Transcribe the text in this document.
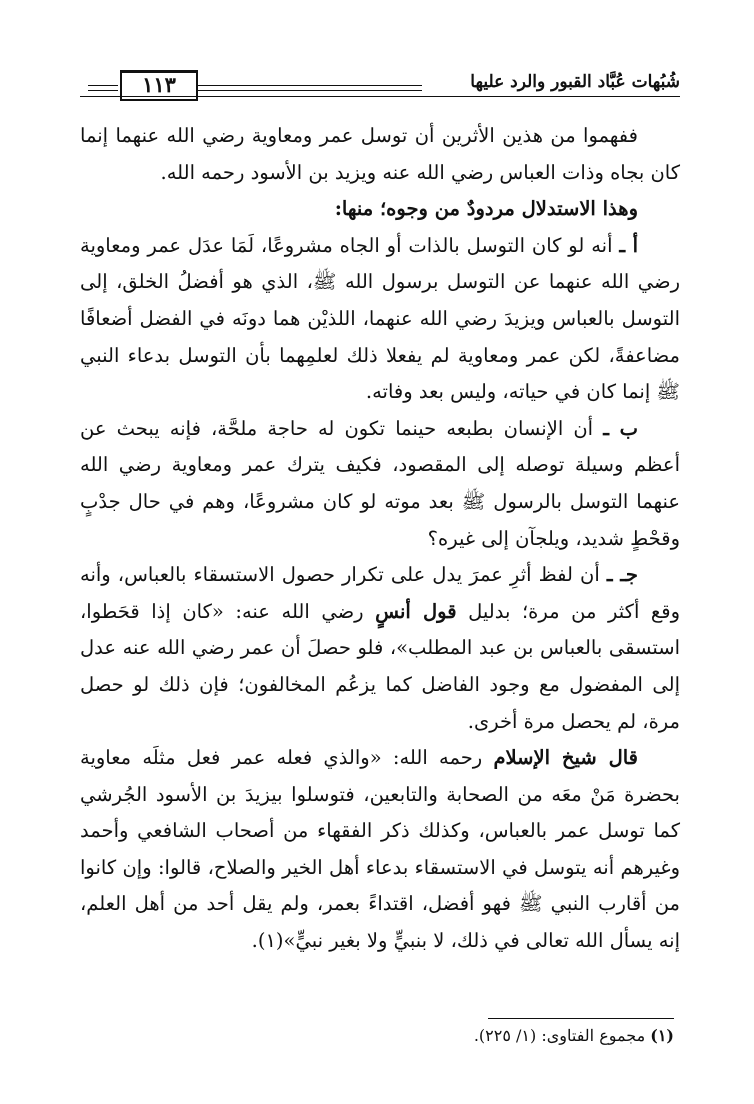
١١٣	شُبُهات عُبَّاد القبور والرد عليها

ففهموا من هذين الأثرين أن توسل عمر ومعاوية رضي الله عنهما إنما كان بجاه وذات العباس رضي الله عنه ويزيد بن الأسود رحمه الله.

وهذا الاستدلال مردودٌ من وجوه؛ منها:

أ ـ أنه لو كان التوسل بالذات أو الجاه مشروعًا، لَمَا عدَل عمر ومعاوية رضي الله عنهما عن التوسل برسول الله ﷺ، الذي هو أفضلُ الخلق، إلى التوسل بالعباس ويزيدَ رضي الله عنهما، اللذيْن هما دونَه في الفضل أضعافًا مضاعفةً، لكن عمر ومعاوية لم يفعلا ذلك لعلمِهما بأن التوسل بدعاء النبي ﷺ إنما كان في حياته، وليس بعد وفاته.

ب ـ أن الإنسان بطبعه حينما تكون له حاجة ملحَّة، فإنه يبحث عن أعظم وسيلة توصله إلى المقصود، فكيف يترك عمر ومعاوية رضي الله عنهما التوسل بالرسول ﷺ بعد موته لو كان مشروعًا، وهم في حال جدْبٍ وقحْطٍ شديد، ويلجآن إلى غيره؟

جـ ـ أن لفظ أثرِ عمرَ يدل على تكرار حصول الاستسقاء بالعباس، وأنه وقع أكثر من مرة؛ بدليل قول أنسٍ رضي الله عنه: «كان إذا قحَطوا، استسقى بالعباس بن عبد المطلب»، فلو حصلَ أن عمر رضي الله عنه عدل إلى المفضول مع وجود الفاضل كما يزعُم المخالفون؛ فإن ذلك لو حصل مرة، لم يحصل مرة أخرى.

قال شيخ الإسلام رحمه الله: «والذي فعله عمر فعل مثلَه معاوية بحضرة مَنْ معَه من الصحابة والتابعين، فتوسلوا بيزيدَ بن الأسود الجُرشي كما توسل عمر بالعباس، وكذلك ذكر الفقهاء من أصحاب الشافعي وأحمد وغيرهم أنه يتوسل في الاستسقاء بدعاء أهل الخير والصلاح، قالوا: وإن كانوا من أقارب النبي ﷺ فهو أفضل، اقتداءً بعمر، ولم يقل أحد من أهل العلم، إنه يسأل الله تعالى في ذلك، لا بنبيٍّ ولا بغير نبيٍّ»(١).

(١) مجموع الفتاوى: (١/ ٢٢٥).
